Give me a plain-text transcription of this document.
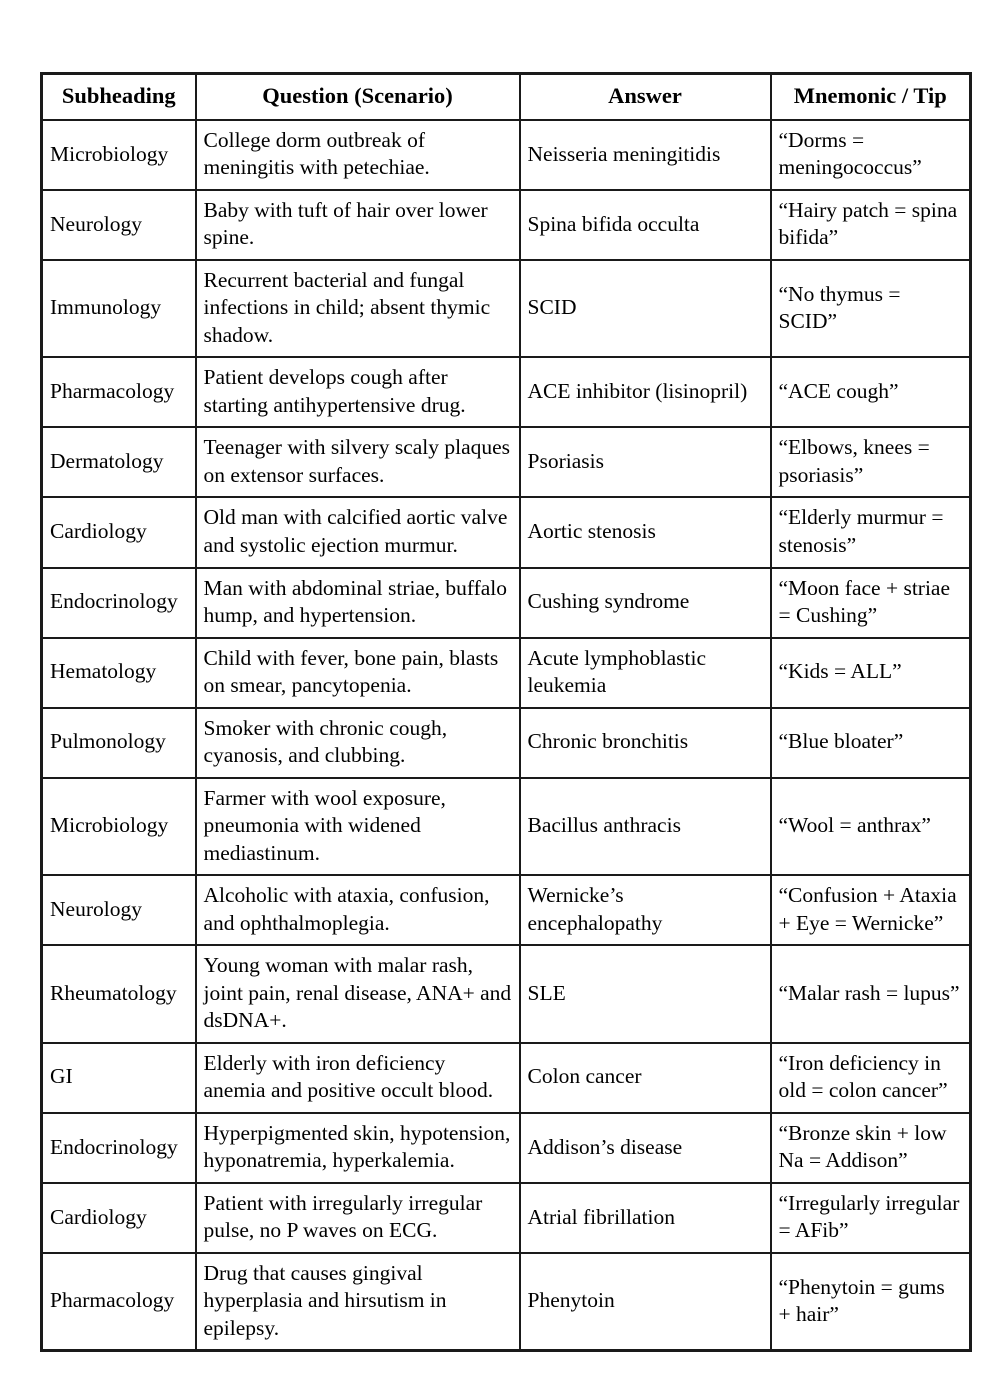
Subheading	Question (Scenario)	Answer	Mnemonic / Tip
Microbiology	College dorm outbreak of meningitis with petechiae.	Neisseria meningitidis	“Dorms = meningococcus”
Neurology	Baby with tuft of hair over lower spine.	Spina bifida occulta	“Hairy patch = spina bifida”
Immunology	Recurrent bacterial and fungal infections in child; absent thymic shadow.	SCID	“No thymus = SCID”
Pharmacology	Patient develops cough after starting antihypertensive drug.	ACE inhibitor (lisinopril)	“ACE cough”
Dermatology	Teenager with silvery scaly plaques on extensor surfaces.	Psoriasis	“Elbows, knees = psoriasis”
Cardiology	Old man with calcified aortic valve and systolic ejection murmur.	Aortic stenosis	“Elderly murmur = stenosis”
Endocrinology	Man with abdominal striae, buffalo hump, and hypertension.	Cushing syndrome	“Moon face + striae = Cushing”
Hematology	Child with fever, bone pain, blasts on smear, pancytopenia.	Acute lymphoblastic leukemia	“Kids = ALL”
Pulmonology	Smoker with chronic cough, cyanosis, and clubbing.	Chronic bronchitis	“Blue bloater”
Microbiology	Farmer with wool exposure, pneumonia with widened mediastinum.	Bacillus anthracis	“Wool = anthrax”
Neurology	Alcoholic with ataxia, confusion, and ophthalmoplegia.	Wernicke’s encephalopathy	“Confusion + Ataxia + Eye = Wernicke”
Rheumatology	Young woman with malar rash, joint pain, renal disease, ANA+ and dsDNA+.	SLE	“Malar rash = lupus”
GI	Elderly with iron deficiency anemia and positive occult blood.	Colon cancer	“Iron deficiency in old = colon cancer”
Endocrinology	Hyperpigmented skin, hypotension, hyponatremia, hyperkalemia.	Addison’s disease	“Bronze skin + low Na = Addison”
Cardiology	Patient with irregularly irregular pulse, no P waves on ECG.	Atrial fibrillation	“Irregularly irregular = AFib”
Pharmacology	Drug that causes gingival hyperplasia and hirsutism in epilepsy.	Phenytoin	“Phenytoin = gums + hair”
